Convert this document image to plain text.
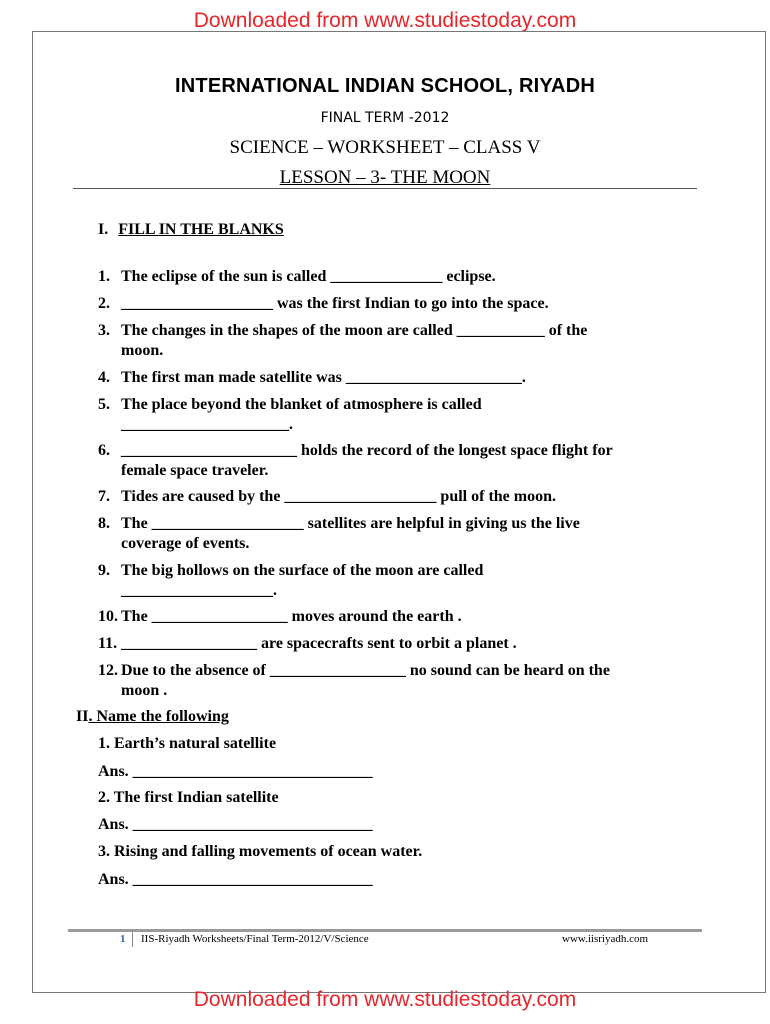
Downloaded from www.studiestoday.com
INTERNATIONAL INDIAN SCHOOL, RIYADH
FINAL TERM -2012
SCIENCE – WORKSHEET – CLASS V
LESSON – 3- THE MOON
I. FILL IN THE BLANKS
1. The eclipse of the sun is called ______________ eclipse.
2. ___________________ was the first Indian to go into the space.
3. The changes in the shapes of the moon are called ___________ of the
moon.
4. The first man made satellite was ______________________.
5. The place beyond the blanket of atmosphere is called
_____________________.
6. ______________________ holds the record of the longest space flight for
female space traveler.
7. Tides are caused by the ___________________ pull of the moon.
8. The ___________________ satellites are helpful in giving us the live
coverage of events.
9. The big hollows on the surface of the moon are called
___________________.
10. The _________________ moves around the earth .
11. _________________ are spacecrafts sent to orbit a planet .
12. Due to the absence of _________________ no sound can be heard on the
moon .
II. Name the following
1. Earth’s natural satellite
Ans. ______________________________
2. The first Indian satellite
Ans. ______________________________
3. Rising and falling movements of ocean water.
Ans. ______________________________
1 IIS-Riyadh Worksheets/Final Term-2012/V/Science	www.iisriyadh.com
Downloaded from www.studiestoday.com
